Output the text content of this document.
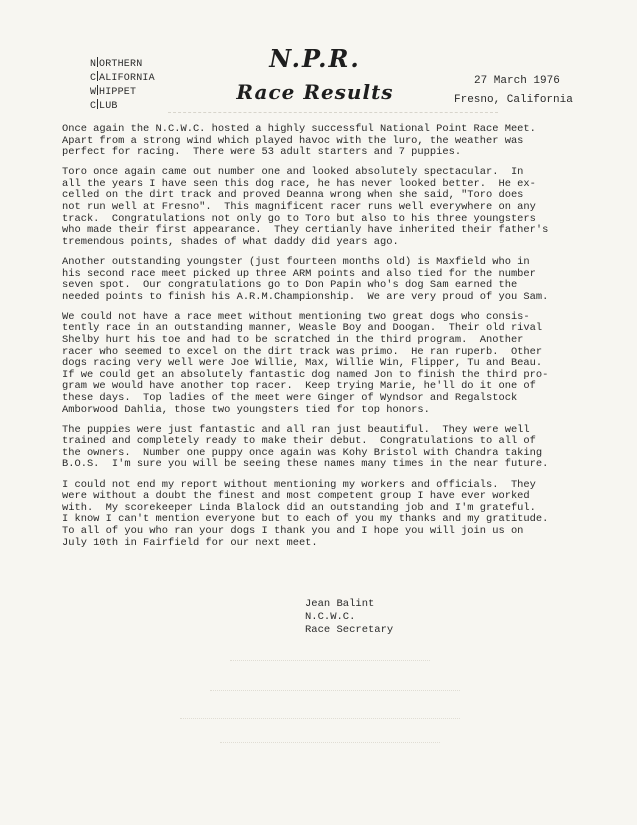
N ORTHERN
C ALIFORNIA
W HIPPET
C LUB
N.P.R.
Race Results	27 March 1976
Fresno, California

Once again the N.C.W.C. hosted a highly successful National Point Race Meet.
Apart from a strong wind which played havoc with the luro, the weather was
perfect for racing.  There were 53 adult starters and 7 puppies.

Toro once again came out number one and looked absolutely spectacular.  In
all the years I have seen this dog race, he has never looked better.  He ex-
celled on the dirt track and proved Deanna wrong when she said, "Toro does
not run well at Fresno".  This magnificent racer runs well everywhere on any
track.  Congratulations not only go to Toro but also to his three youngsters
who made their first appearance.  They certianly have inherited their father's
tremendous points, shades of what daddy did years ago.

Another outstanding youngster (just fourteen months old) is Maxfield who in
his second race meet picked up three ARM points and also tied for the number
seven spot.  Our congratulations go to Don Papin who's dog Sam earned the
needed points to finish his A.R.M.Championship.  We are very proud of you Sam.

We could not have a race meet without mentioning two great dogs who consis-
tently race in an outstanding manner, Weasle Boy and Doogan.  Their old rival
Shelby hurt his toe and had to be scratched in the third program.  Another
racer who seemed to excel on the dirt track was primo.  He ran ruperb.  Other
dogs racing very well were Joe Willie, Max, Willie Win, Flipper, Tu and Beau.
If we could get an absolutely fantastic dog named Jon to finish the third pro-
gram we would have another top racer.  Keep trying Marie, he'll do it one of
these days.  Top ladies of the meet were Ginger of Wyndsor and Regalstock
Amborwood Dahlia, those two youngsters tied for top honors.

The puppies were just fantastic and all ran just beautiful.  They were well
trained and completely ready to make their debut.  Congratulations to all of
the owners.  Number one puppy once again was Kohy Bristol with Chandra taking
B.O.S.  I'm sure you will be seeing these names many times in the near future.

I could not end my report without mentioning my workers and officials.  They
were without a doubt the finest and most competent group I have ever worked
with.  My scorekeeper Linda Blalock did an outstanding job and I'm grateful.
I know I can't mention everyone but to each of you my thanks and my gratitude.
To all of you who ran your dogs I thank you and I hope you will join us on
July 10th in Fairfield for our next meet.

Jean Balint
N.C.W.C.
Race Secretary
